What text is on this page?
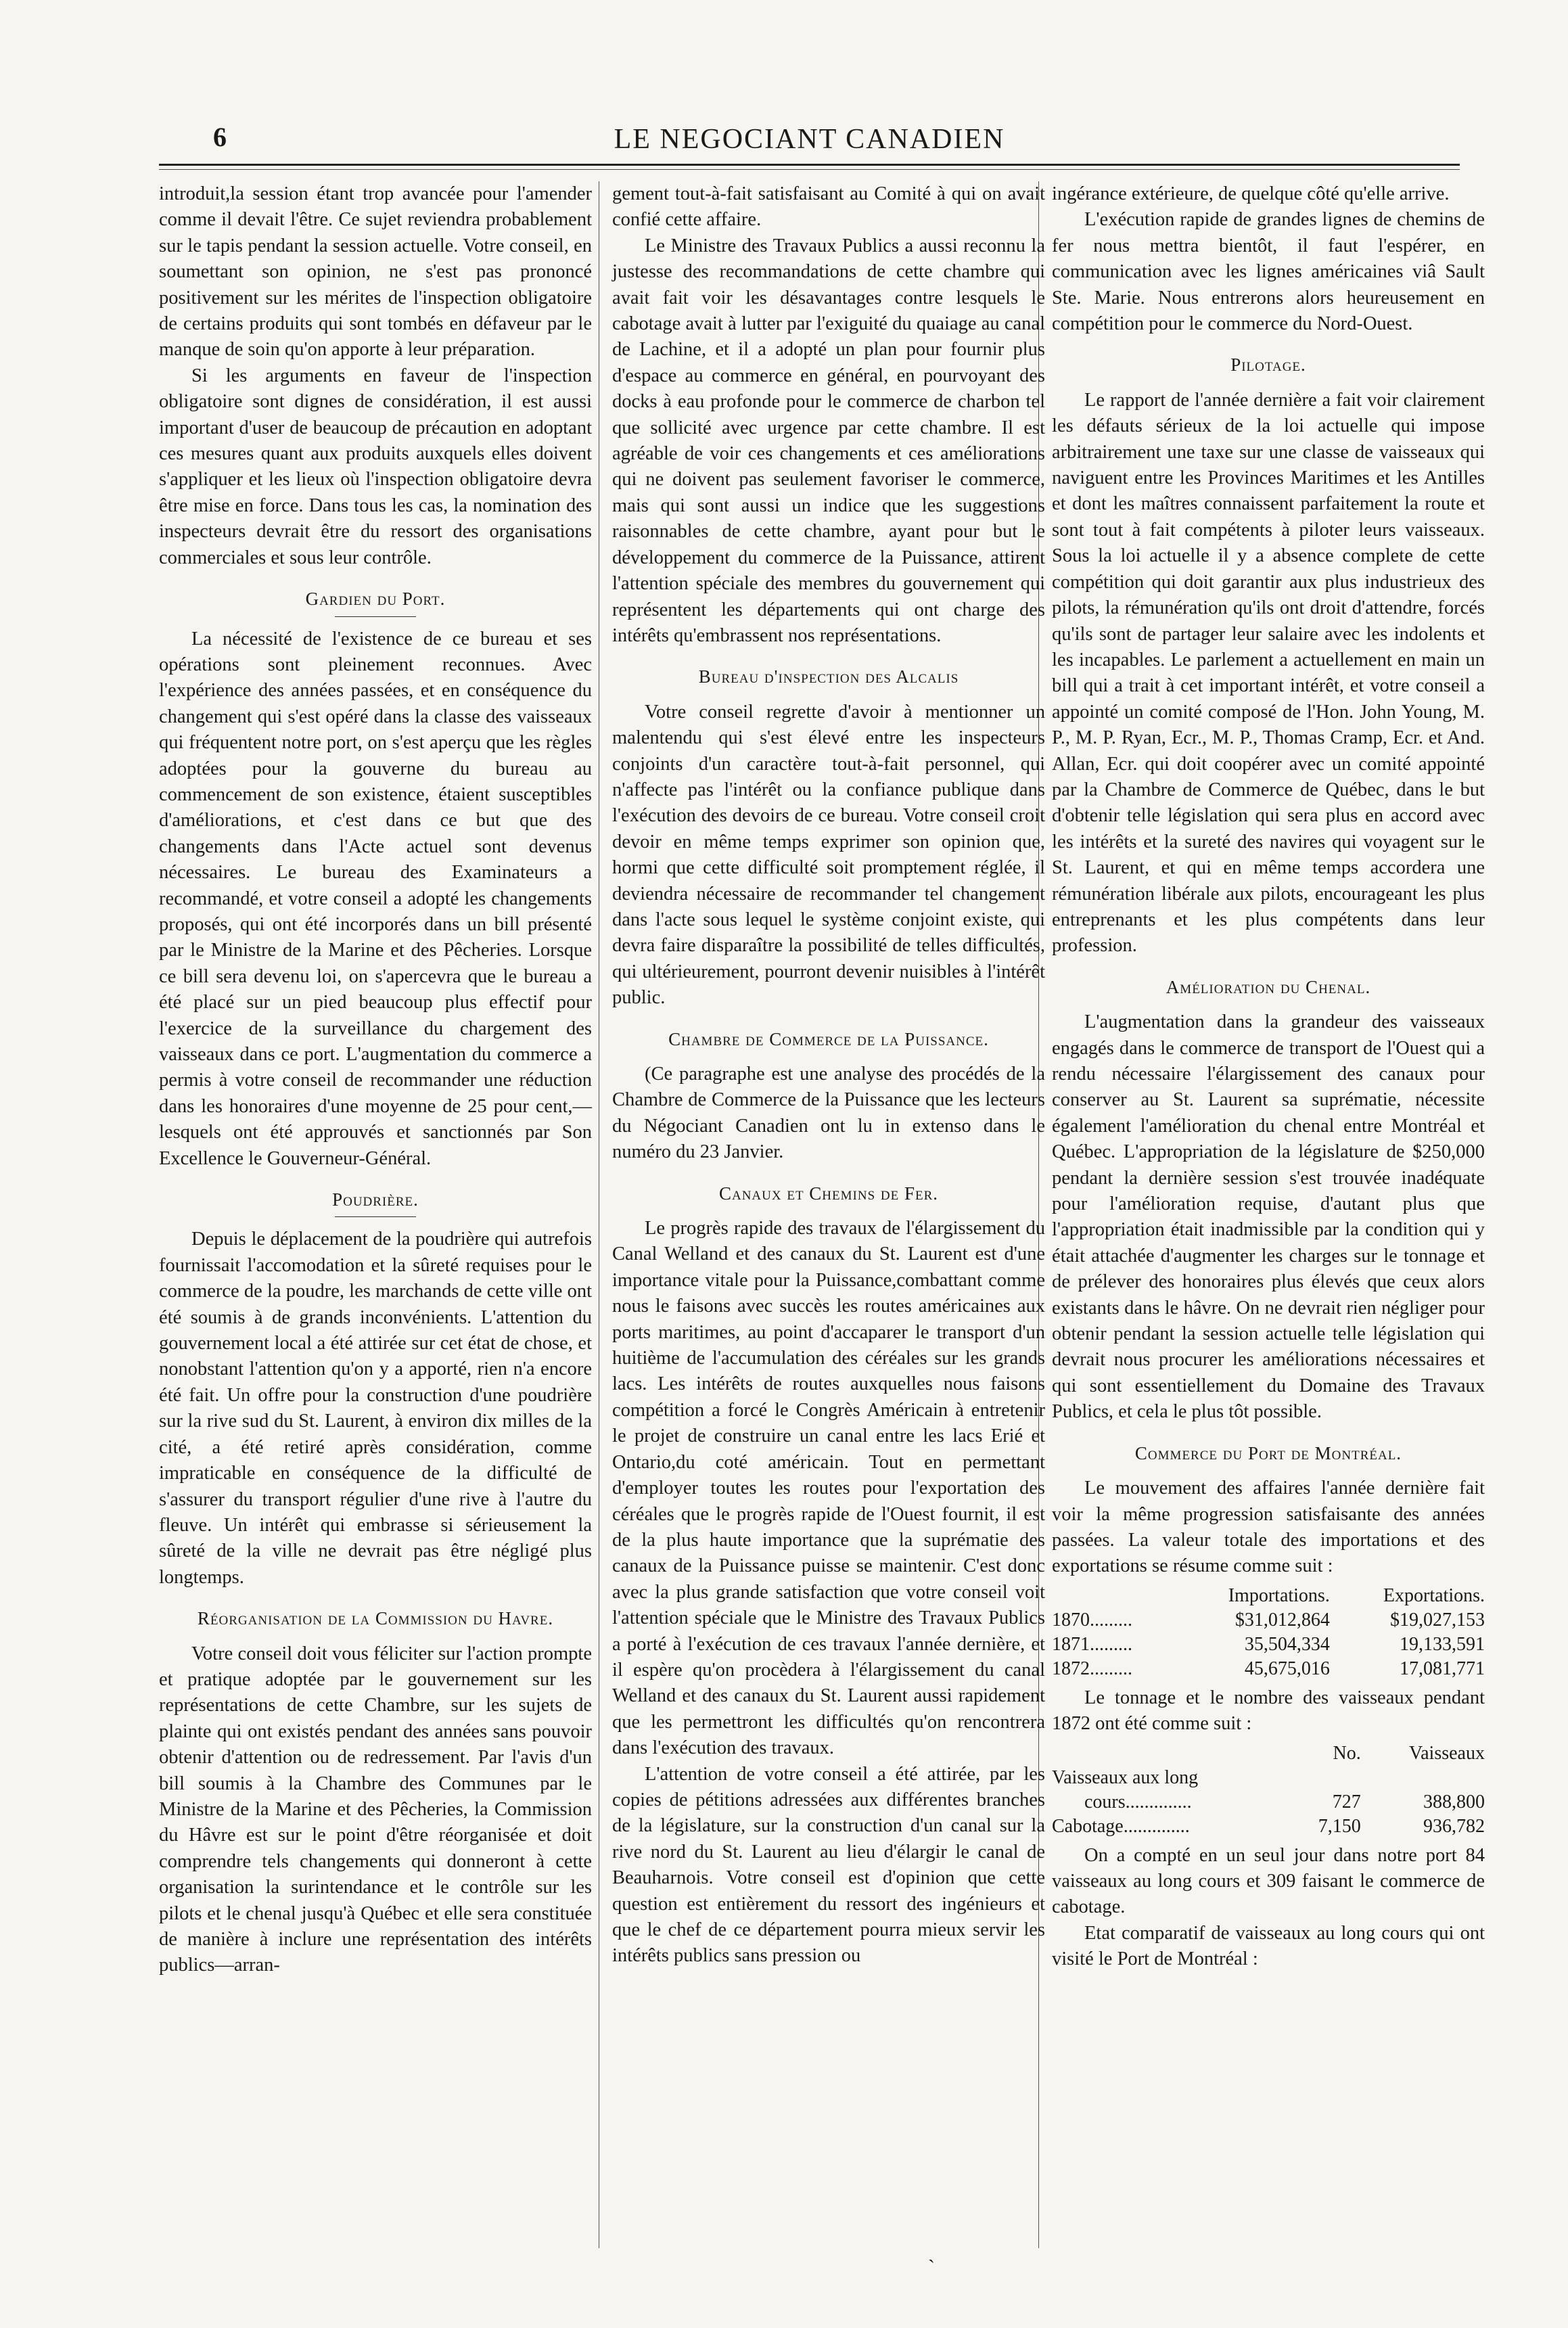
6	LE NEGOCIANT CANADIEN

introduit,la session étant trop avancée pour l'amender comme il devait l'être. Ce sujet reviendra probablement sur le tapis pendant la session actuelle. Votre conseil, en soumettant son opinion, ne s'est pas prononcé positivement sur les mérites de l'inspection obligatoire de certains produits qui sont tombés en défaveur par le manque de soin qu'on apporte à leur préparation.

Si les arguments en faveur de l'inspection obligatoire sont dignes de considération, il est aussi important d'user de beaucoup de précaution en adoptant ces mesures quant aux produits auxquels elles doivent s'appliquer et les lieux où l'inspection obligatoire devra être mise en force. Dans tous les cas, la nomination des inspecteurs devrait être du ressort des organisations commerciales et sous leur contrôle.

Gardien du Port.

La nécessité de l'existence de ce bureau et ses opérations sont pleinement reconnues. Avec l'expérience des années passées, et en conséquence du changement qui s'est opéré dans la classe des vaisseaux qui fréquentent notre port, on s'est aperçu que les règles adoptées pour la gouverne du bureau au commencement de son existence, étaient susceptibles d'améliorations, et c'est dans ce but que des changements dans l'Acte actuel sont devenus nécessaires. Le bureau des Examinateurs a recommandé, et votre conseil a adopté les changements proposés, qui ont été incorporés dans un bill présenté par le Ministre de la Marine et des Pêcheries. Lorsque ce bill sera devenu loi, on s'apercevra que le bureau a été placé sur un pied beaucoup plus effectif pour l'exercice de la surveillance du chargement des vaisseaux dans ce port. L'augmentation du commerce a permis à votre conseil de recommander une réduction dans les honoraires d'une moyenne de 25 pour cent,—lesquels ont été approuvés et sanctionnés par Son Excellence le Gouverneur-Général.

Poudrière.

Depuis le déplacement de la poudrière qui autrefois fournissait l'accomodation et la sûreté requises pour le commerce de la poudre, les marchands de cette ville ont été soumis à de grands inconvénients. L'attention du gouvernement local a été attirée sur cet état de chose, et nonobstant l'attention qu'on y a apporté, rien n'a encore été fait. Un offre pour la construction d'une poudrière sur la rive sud du St. Laurent, à environ dix milles de la cité, a été retiré après considération, comme impraticable en conséquence de la difficulté de s'assurer du transport régulier d'une rive à l'autre du fleuve. Un intérêt qui embrasse si sérieusement la sûreté de la ville ne devrait pas être négligé plus longtemps.

Réorganisation de la Commission du Havre.

Votre conseil doit vous féliciter sur l'action prompte et pratique adoptée par le gouvernement sur les représentations de cette Chambre, sur les sujets de plainte qui ont existés pendant des années sans pouvoir obtenir d'attention ou de redressement. Par l'avis d'un bill soumis à la Chambre des Communes par le Ministre de la Marine et des Pêcheries, la Commission du Hâvre est sur le point d'être réorganisée et doit comprendre tels changements qui donneront à cette organisation la surintendance et le contrôle sur les pilots et le chenal jusqu'à Québec et elle sera constituée de manière à inclure une représentation des intérêts publics—arran-

gement tout-à-fait satisfaisant au Comité à qui on avait confié cette affaire.

Le Ministre des Travaux Publics a aussi reconnu la justesse des recommandations de cette chambre qui avait fait voir les désavantages contre lesquels le cabotage avait à lutter par l'exiguité du quaiage au canal de Lachine, et il a adopté un plan pour fournir plus d'espace au commerce en général, en pourvoyant des docks à eau profonde pour le commerce de charbon tel que sollicité avec urgence par cette chambre. Il est agréable de voir ces changements et ces améliorations qui ne doivent pas seulement favoriser le commerce, mais qui sont aussi un indice que les suggestions raisonnables de cette chambre, ayant pour but le développement du commerce de la Puissance, attirent l'attention spéciale des membres du gouvernement qui représentent les départements qui ont charge des intérêts qu'embrassent nos représentations.

Bureau d'inspection des Alcalis

Votre conseil regrette d'avoir à mentionner un malentendu qui s'est élevé entre les inspecteurs conjoints d'un caractère tout-à-fait personnel, qui n'affecte pas l'intérêt ou la confiance publique dans l'exécution des devoirs de ce bureau. Votre conseil croit devoir en même temps exprimer son opinion que, hormi que cette difficulté soit promptement réglée, il deviendra nécessaire de recommander tel changement dans l'acte sous lequel le système conjoint existe, qui devra faire disparaître la possibilité de telles difficultés, qui ultérieurement, pourront devenir nuisibles à l'intérêt public.

Chambre de Commerce de la Puissance.

(Ce paragraphe est une analyse des procédés de la Chambre de Commerce de la Puissance que les lecteurs du Négociant Canadien ont lu in extenso dans le numéro du 23 Janvier.

Canaux et Chemins de Fer.

Le progrès rapide des travaux de l'élargissement du Canal Welland et des canaux du St. Laurent est d'une importance vitale pour la Puissance,combattant comme nous le faisons avec succès les routes américaines aux ports maritimes, au point d'accaparer le transport d'un huitième de l'accumulation des céréales sur les grands lacs. Les intérêts de routes auxquelles nous faisons compétition a forcé le Congrès Américain à entretenir le projet de construire un canal entre les lacs Erié et Ontario,du coté américain. Tout en permettant d'employer toutes les routes pour l'exportation des céréales que le progrès rapide de l'Ouest fournit, il est de la plus haute importance que la suprématie des canaux de la Puissance puisse se maintenir. C'est donc avec la plus grande satisfaction que votre conseil voit l'attention spéciale que le Ministre des Travaux Publics a porté à l'exécution de ces travaux l'année dernière, et il espère qu'on procèdera à l'élargissement du canal Welland et des canaux du St. Laurent aussi rapidement que les permettront les difficultés qu'on rencontrera dans l'exécution des travaux.

L'attention de votre conseil a été attirée, par les copies de pétitions adressées aux différentes branches de la législature, sur la construction d'un canal sur la rive nord du St. Laurent au lieu d'élargir le canal de Beauharnois. Votre conseil est d'opinion que cette question est entièrement du ressort des ingénieurs et que le chef de ce département pourra mieux servir les intérêts publics sans pression ou

ingérance extérieure, de quelque côté qu'elle arrive.

L'exécution rapide de grandes lignes de chemins de fer nous mettra bientôt, il faut l'espérer, en communication avec les lignes américaines viâ Sault Ste. Marie. Nous entrerons alors heureusement en compétition pour le commerce du Nord-Ouest.

Pilotage.

Le rapport de l'année dernière a fait voir clairement les défauts sérieux de la loi actuelle qui impose arbitrairement une taxe sur une classe de vaisseaux qui naviguent entre les Provinces Maritimes et les Antilles et dont les maîtres connaissent parfaitement la route et sont tout à fait compétents à piloter leurs vaisseaux. Sous la loi actuelle il y a absence complete de cette compétition qui doit garantir aux plus industrieux des pilots, la rémunération qu'ils ont droit d'attendre, forcés qu'ils sont de partager leur salaire avec les indolents et les incapables. Le parlement a actuellement en main un bill qui a trait à cet important intérêt, et votre conseil a appointé un comité composé de l'Hon. John Young, M. P., M. P. Ryan, Ecr., M. P., Thomas Cramp, Ecr. et And. Allan, Ecr. qui doit coopérer avec un comité appointé par la Chambre de Commerce de Québec, dans le but d'obtenir telle législation qui sera plus en accord avec les intérêts et la sureté des navires qui voyagent sur le St. Laurent, et qui en même temps accordera une rémunération libérale aux pilots, encourageant les plus entreprenants et les plus compétents dans leur profession.

Amélioration du Chenal.

L'augmentation dans la grandeur des vaisseaux engagés dans le commerce de transport de l'Ouest qui a rendu nécessaire l'élargissement des canaux pour conserver au St. Laurent sa suprématie, nécessite également l'amélioration du chenal entre Montréal et Québec. L'appropriation de la législature de $250,000 pendant la dernière session s'est trouvée inadéquate pour l'amélioration requise, d'autant plus que l'appropriation était inadmissible par la condition qui y était attachée d'augmenter les charges sur le tonnage et de prélever des honoraires plus élevés que ceux alors existants dans le hâvre. On ne devrait rien négliger pour obtenir pendant la session actuelle telle législation qui devrait nous procurer les améliorations nécessaires et qui sont essentiellement du Domaine des Travaux Publics, et cela le plus tôt possible.

Commerce du Port de Montréal.

Le mouvement des affaires l'année dernière fait voir la même progression satisfaisante des années passées. La valeur totale des importations et des exportations se résume comme suit :

	Importations.	Exportations.
1870.........	$31,012,864	$19,027,153
1871.........	35,504,334	19,133,591
1872.........	45,675,016	17,081,771

Le tonnage et le nombre des vaisseaux pendant 1872 ont été comme suit :

	No.	Vaisseaux
Vaisseaux aux long		
cours..............	727	388,800
Cabotage..............	7,150	936,782

On a compté en un seul jour dans notre port 84 vaisseaux au long cours et 309 faisant le commerce de cabotage.

Etat comparatif de vaisseaux au long cours qui ont visité le Port de Montréal :

ˏ
